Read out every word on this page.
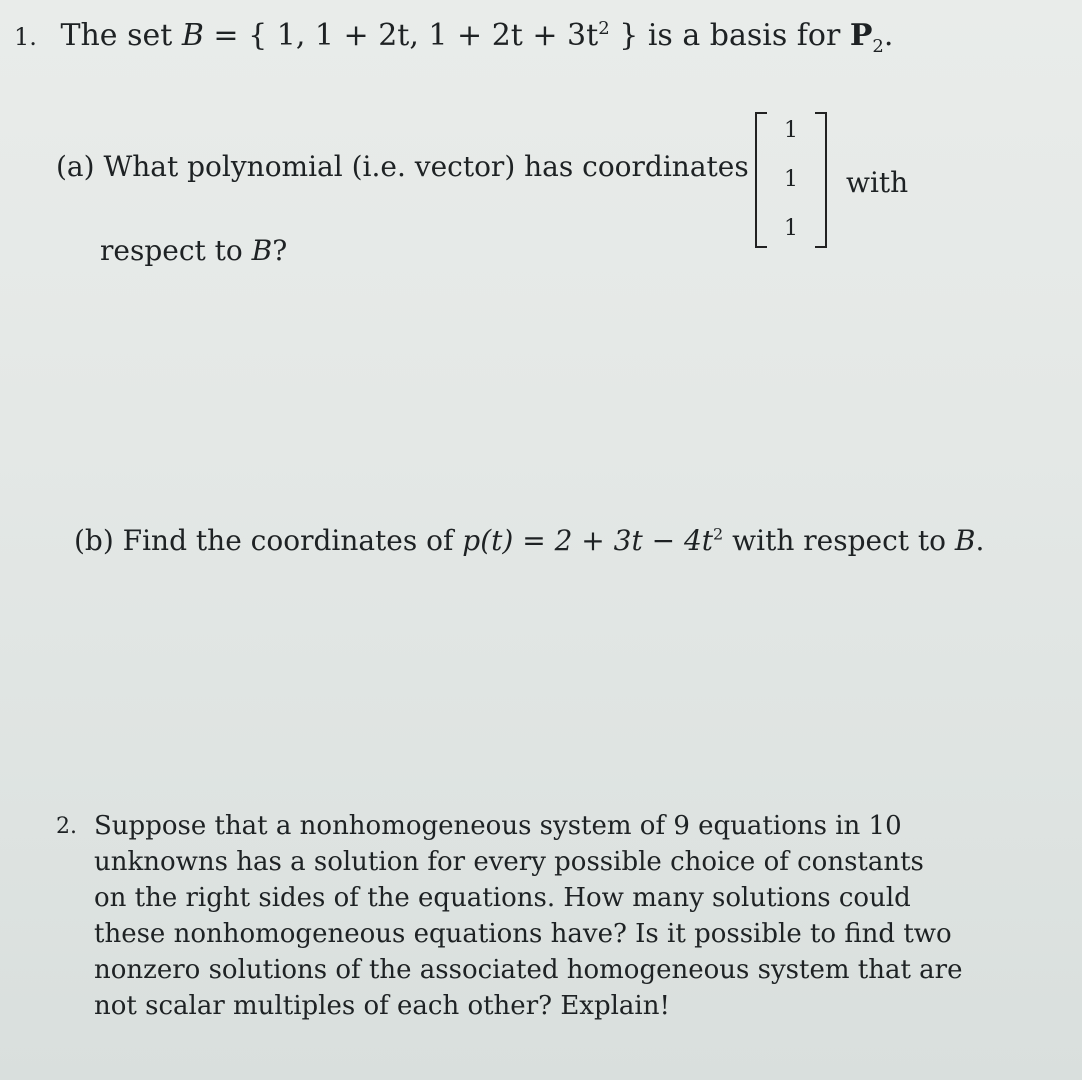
1. The set B = { 1, 1 + 2t, $1 + 2t + 3t^2$ } is a basis for $P_2$.
(a) What polynomial (i.e. vector) has coordinates
1
1
1
with
respect to B?
(b) Find the coordinates of $p(t) = 2 + 3t - 4t^2$ with respect to B.
2. Suppose that a nonhomogeneous system of 9 equations in 10
unknowns has a solution for every possible choice of constants
on the right sides of the equations. How many solutions could
these nonhomogeneous equations have? Is it possible to find two
nonzero solutions of the associated homogeneous system that are
not scalar multiples of each other? Explain!
